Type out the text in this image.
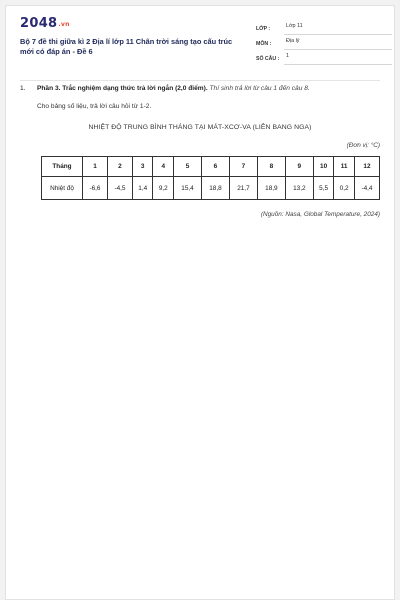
2048.vn
Bộ 7 đề thi giữa kì 2 Địa lí lớp 11 Chân trời sáng tạo cấu trúc mới có đáp án - Đề 6
LỚP :	Lớp 11
MÔN :	Địa lý
SỐ CÂU :	1
1.	Phần 3. Trắc nghiệm dạng thức trả lời ngắn (2,0 điểm). Thí sinh trả lời từ câu 1 đến câu 8.
Cho bảng số liệu, trả lời câu hỏi từ 1-2.
NHIỆT ĐỘ TRUNG BÌNH THÁNG TẠI MÁT-XCƠ-VA (LIÊN BANG NGA)
(Đơn vị: °C)
Tháng	1	2	3	4	5	6	7	8	9	10	11	12
Nhiệt độ	-6,6	-4,5	1,4	9,2	15,4	18,8	21,7	18,9	13,2	5,5	0,2	-4,4
(Nguồn: Nasa, Global Temperature, 2024)
